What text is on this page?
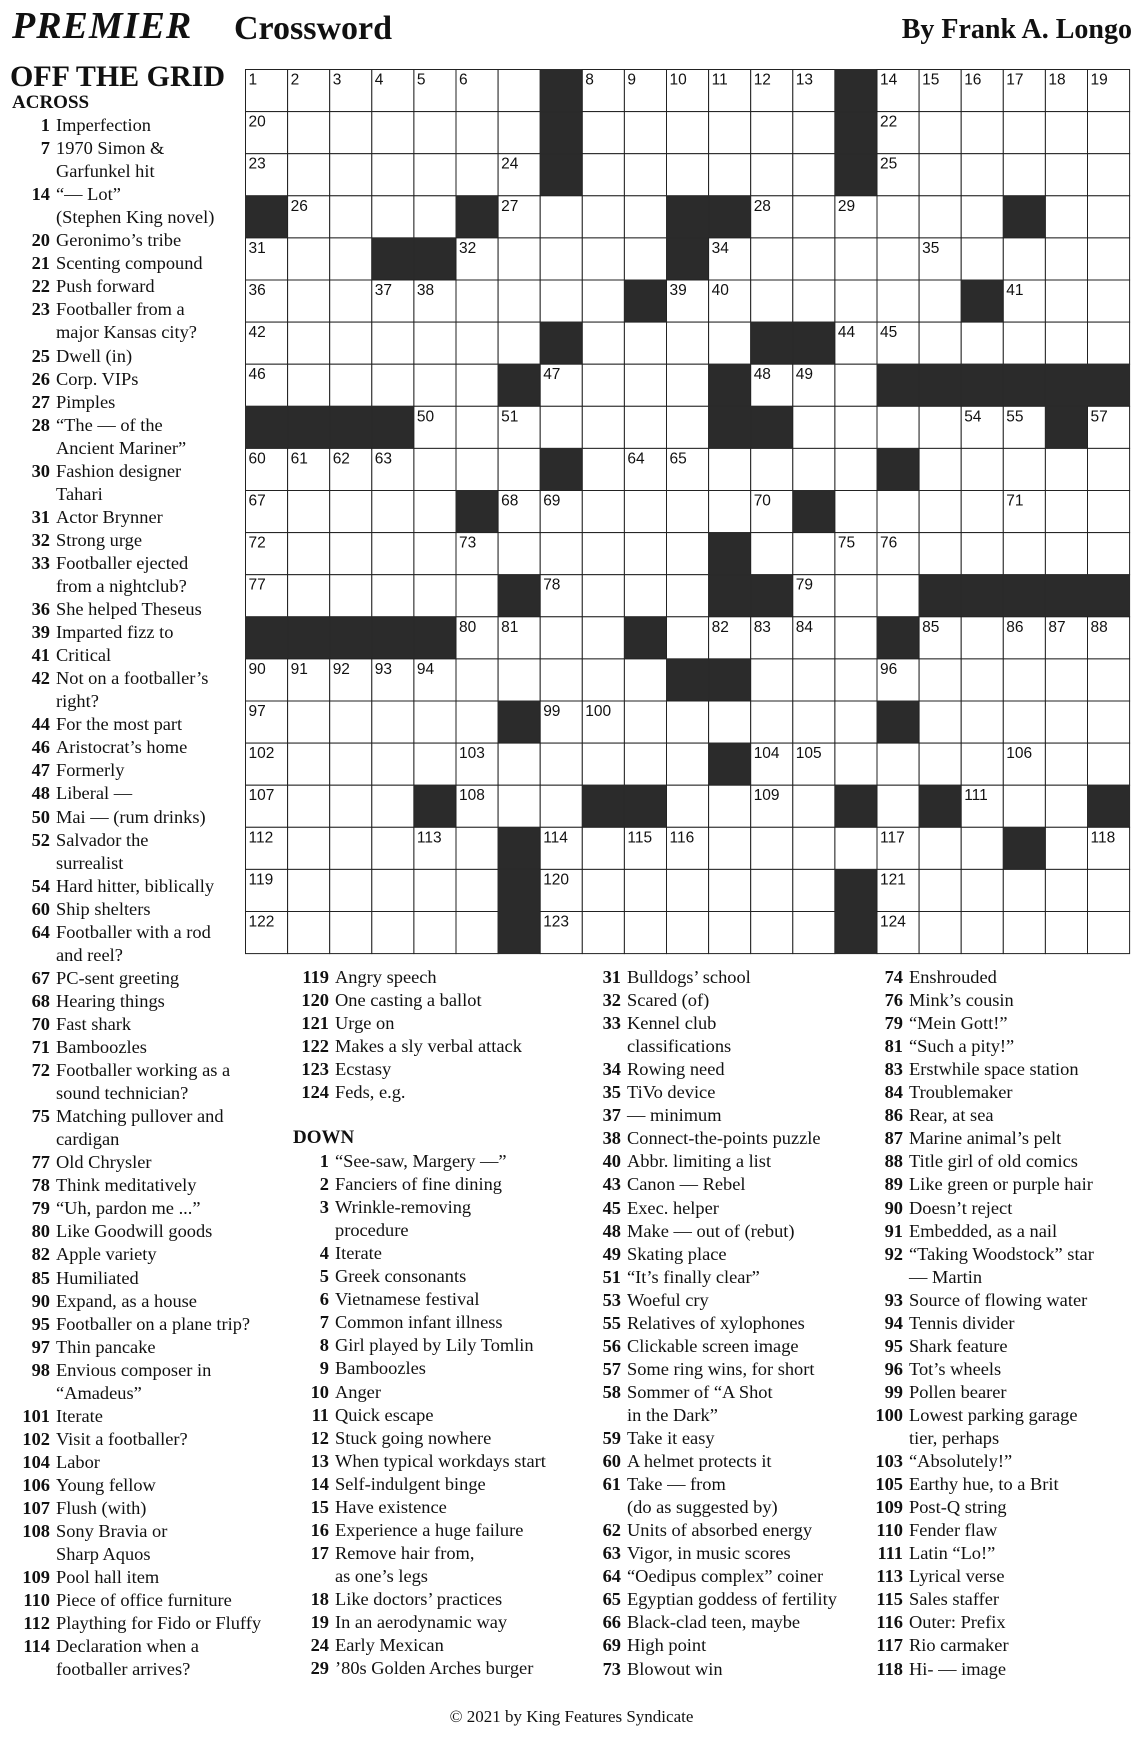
PREMIER Crossword	By Frank A. Longo
OFF THE GRID
ACROSS
1 Imperfection
7 1970 Simon &
Garfunkel hit
14 “— Lot”
(Stephen King novel)
20 Geronimo’s tribe
21 Scenting compound
22 Push forward
23 Footballer from a
major Kansas city?
25 Dwell (in)
26 Corp. VIPs
27 Pimples
28 “The — of the
Ancient Mariner”
30 Fashion designer
Tahari
31 Actor Brynner
32 Strong urge
33 Footballer ejected
from a nightclub?
36 She helped Theseus
39 Imparted fizz to
41 Critical
42 Not on a footballer’s
right?
44 For the most part
46 Aristocrat’s home
47 Formerly
48 Liberal —
50 Mai — (rum drinks)
52 Salvador the
surrealist
54 Hard hitter, biblically
60 Ship shelters
64 Footballer with a rod
and reel?
67 PC-sent greeting
68 Hearing things
70 Fast shark
71 Bamboozles
72 Footballer working as a
sound technician?
75 Matching pullover and
cardigan
77 Old Chrysler
78 Think meditatively
79 “Uh, pardon me ...”
80 Like Goodwill goods
82 Apple variety
85 Humiliated
90 Expand, as a house
95 Footballer on a plane trip?
97 Thin pancake
98 Envious composer in
“Amadeus”
101 Iterate
102 Visit a footballer?
104 Labor
106 Young fellow
107 Flush (with)
108 Sony Bravia or
Sharp Aquos
109 Pool hall item
110 Piece of office furniture
112 Plaything for Fido or Fluffy
114 Declaration when a
footballer arrives?
119 Angry speech
120 One casting a ballot
121 Urge on
122 Makes a sly verbal attack
123 Ecstasy
124 Feds, e.g.
DOWN
1 “See-saw, Margery —”
2 Fanciers of fine dining
3 Wrinkle-removing
procedure
4 Iterate
5 Greek consonants
6 Vietnamese festival
7 Common infant illness
8 Girl played by Lily Tomlin
9 Bamboozles
10 Anger
11 Quick escape
12 Stuck going nowhere
13 When typical workdays start
14 Self-indulgent binge
15 Have existence
16 Experience a huge failure
17 Remove hair from,
as one’s legs
18 Like doctors’ practices
19 In an aerodynamic way
24 Early Mexican
29 ’80s Golden Arches burger
31 Bulldogs’ school
32 Scared (of)
33 Kennel club
classifications
34 Rowing need
35 TiVo device
37 — minimum
38 Connect-the-points puzzle
40 Abbr. limiting a list
43 Canon — Rebel
45 Exec. helper
48 Make — out of (rebut)
49 Skating place
51 “It’s finally clear”
53 Woeful cry
55 Relatives of xylophones
56 Clickable screen image
57 Some ring wins, for short
58 Sommer of “A Shot
in the Dark”
59 Take it easy
60 A helmet protects it
61 Take — from
(do as suggested by)
62 Units of absorbed energy
63 Vigor, in music scores
64 “Oedipus complex” coiner
65 Egyptian goddess of fertility
66 Black-clad teen, maybe
69 High point
73 Blowout win
74 Enshrouded
76 Mink’s cousin
79 “Mein Gott!”
81 “Such a pity!”
83 Erstwhile space station
84 Troublemaker
86 Rear, at sea
87 Marine animal’s pelt
88 Title girl of old comics
89 Like green or purple hair
90 Doesn’t reject
91 Embedded, as a nail
92 “Taking Woodstock” star
— Martin
93 Source of flowing water
94 Tennis divider
95 Shark feature
96 Tot’s wheels
99 Pollen bearer
100 Lowest parking garage
tier, perhaps
103 “Absolutely!”
105 Earthy hue, to a Brit
109 Post-Q string
110 Fender flaw
111 Latin “Lo!”
113 Lyrical verse
115 Sales staffer
116 Outer: Prefix
117 Rio carmaker
118 Hi- — image
1 2 3 4 5 6	8 9 10 11 12 13	14 15 16 17 18 19
20	22
23	24	25
26	27	28	29
31	32	34	35
36	37 38	39 40	41
42	44 45
46	47	48 49
50	51	54 55	57
60 61 62 63	64 65
67	68 69	70	71
72	73	75 76
77	78	79
80 81	82 83 84	85	86 87 88
90 91 92 93 94	96
97	99 100
102	103	104 105	106
107	108	109	111
112	113	114	115 116	117	118
119	120	121
122	123	124
© 2021 by King Features Syndicate
